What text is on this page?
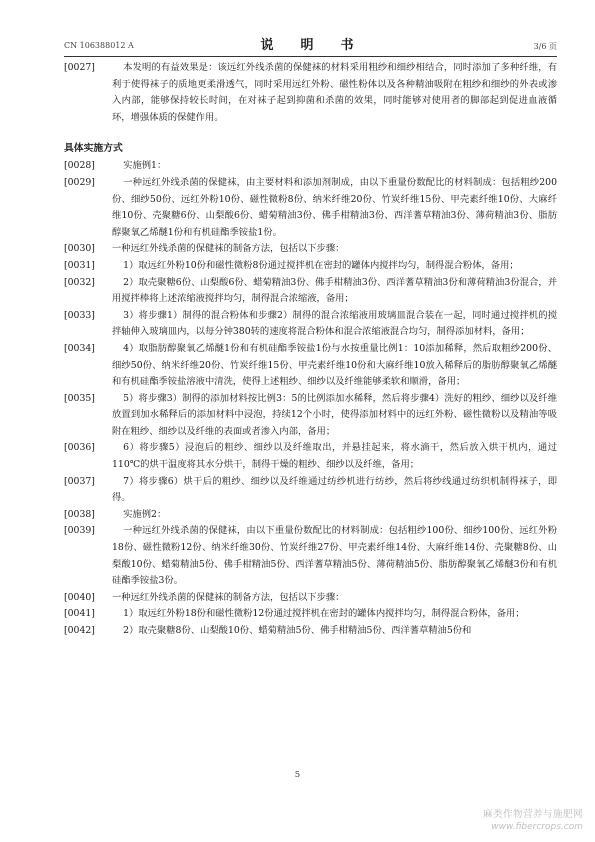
CN 106388012 A	说　明　书	3/6 页
[0027]	本发明的有益效果是：该远红外线杀菌的保健袜的材料采用粗纱和细纱相结合，同时添加了多种纤维，有利于使得袜子的质地更柔滑透气，同时采用远红外粉、磁性粉体以及各种精油吸附在粗纱和细纱的外表或渗入内部，能够保持较长时间，在对袜子起到抑菌和杀菌的效果，同时能够对使用者的脚部起到促进血液循环，增强体质的保健作用。
具体实施方式
[0028]	实施例1：
[0029]	一种远红外线杀菌的保健袜，由主要材料和添加剂制成，由以下重量份数配比的材料制成：包括粗纱200份、细纱50份、远红外粉10份、磁性微粉8份、纳米纤维20份、竹炭纤维15份、甲壳素纤维10份、大麻纤维10份、壳聚糖6份、山梨酸6份、蜡菊精油3份、佛手柑精油3份、西洋蓍草精油3份、薄荷精油3份、脂肪醇聚氧乙烯醚1份和有机硅酯季铵盐1份。
[0030]	一种远红外线杀菌的保健袜的制备方法，包括以下步骤：
[0031]	1）取远红外粉10份和磁性微粉8份通过搅拌机在密封的罐体内搅拌均匀，制得混合粉体，备用；
[0032]	2）取壳聚糖6份、山梨酸6份、蜡菊精油3份、佛手柑精油3份、西洋蓍草精油3份和薄荷精油3份混合，并用搅拌棒将上述浓缩液搅拌均匀，制得混合浓缩液，备用；
[0033]	3）将步骤1）制得的混合粉体和步骤2）制得的混合浓缩液用玻璃皿混合装在一起，同时通过搅拌机的搅拌轴伸入玻璃皿内，以每分钟380转的速度将混合粉体和混合浓缩液混合均匀，制得添加材料，备用；
[0034]	4）取脂肪醇聚氧乙烯醚1份和有机硅酯季铵盐1份与水按重量比例1：10添加稀释，然后取粗纱200份、细纱50份、纳米纤维20份、竹炭纤维15份、甲壳素纤维10份和大麻纤维10放入稀释后的脂肪醇聚氧乙烯醚和有机硅酯季铵盐溶液中清洗，使得上述粗纱、细纱以及纤维能够柔软和顺滑，备用；
[0035]	5）将步骤3）制得的添加材料按比例3：5的比例添加水稀释，然后将步骤4）洗好的粗纱、细纱以及纤维放置到加水稀释后的添加材料中浸泡，持续12个小时，使得添加材料中的远红外粉、磁性微粉以及精油等吸附在粗纱、细纱以及纤维的表面或者渗入内部，备用；
[0036]	6）将步骤5）浸泡后的粗纱、细纱以及纤维取出，并悬挂起来，将水滴干，然后放入烘干机内，通过110℃的烘干温度将其水分烘干，制得干燥的粗纱、细纱以及纤维，备用；
[0037]	7）将步骤6）烘干后的粗纱、细纱以及纤维通过纺纱机进行纺纱，然后将纱线通过纺织机制得袜子，即得。
[0038]	实施例2：
[0039]	一种远红外线杀菌的保健袜，由以下重量份数配比的材料制成：包括粗纱100份、细纱100份、远红外粉18份、磁性微粉12份、纳米纤维30份、竹炭纤维27份、甲壳素纤维14份、大麻纤维14份、壳聚糖8份、山梨酸10份、蜡菊精油5份、佛手柑精油5份、西洋蓍草精油5份、薄荷精油5份、脂肪醇聚氧乙烯醚3份和有机硅酯季铵盐3份。
[0040]	一种远红外线杀菌的保健袜的制备方法，包括以下步骤：
[0041]	1）取远红外粉18份和磁性微粉12份通过搅拌机在密封的罐体内搅拌均匀，制得混合粉体，备用；
[0042]	2）取壳聚糖8份、山梨酸10份、蜡菊精油5份、佛手柑精油5份、西洋蓍草精油5份和
5
麻类作物营养与施肥网
www.fibercrops.com
